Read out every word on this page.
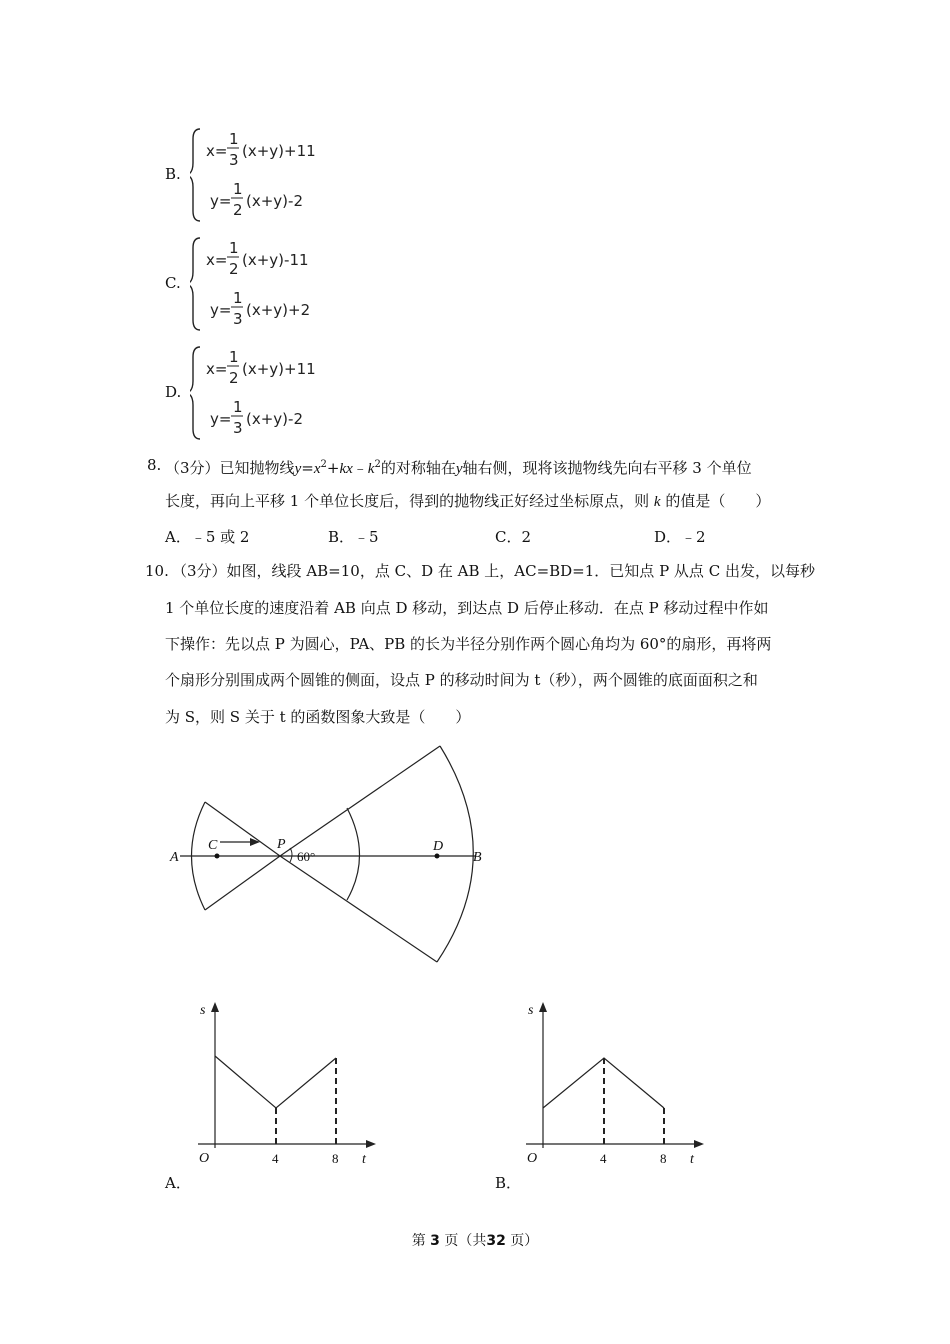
B.
x=
1
3 (x+y)+11
y=
1
2 (x+y)-2
C.
x=
1
2 (x+y)-11
y=
1
3 (x+y)+2
D.
x=
1
2 (x+y)+11
y=
1
3 (x+y)-2
8. （3分）已知抛物线$y=x^2+kx﹣k^2$的对称轴在y轴右侧，现将该抛物线先向右平移 3 个单位
长度，再向上平移 1 个单位长度后，得到的抛物线正好经过坐标原点，则 k 的值是（　　）
A．﹣5 或 2	B．﹣5	C．2	D．﹣2
10. （3分）如图，线段 AB=10，点 C、D 在 AB 上，AC=BD=1．已知点 P 从点 C 出发，以每秒
1 个单位长度的速度沿着 AB 向点 D 移动，到达点 D 后停止移动．在点 P 移动过程中作如
下操作：先以点 P 为圆心，PA、PB 的长为半径分别作两个圆心角均为 60°的扇形，再将两
个扇形分别围成两个圆锥的侧面，设点 P 的移动时间为 t（秒），两个圆锥的底面面积之和
为 S，则 S 关于 t 的函数图象大致是（　　）
A
C	P	D
B
60°
s
O	4	8 t
A．
s
O	4	8 t
B．
第 3 页（共32 页）
